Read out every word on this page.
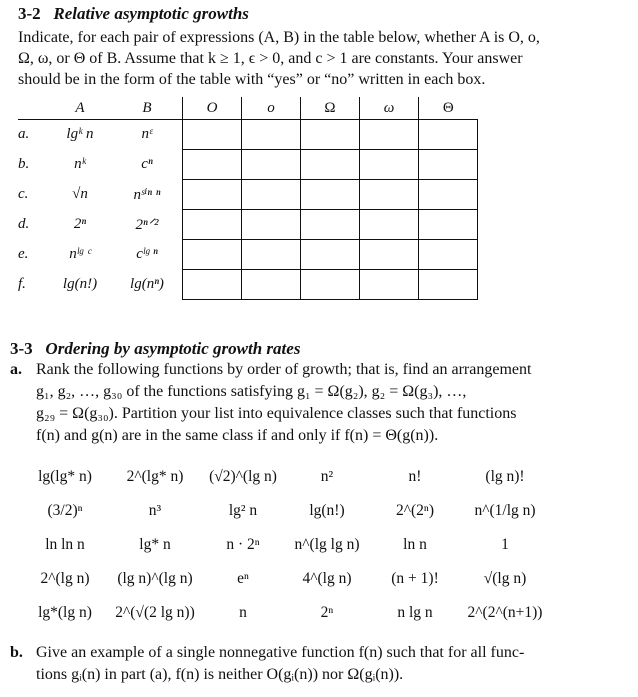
3-2 Relative asymptotic growths
Indicate, for each pair of expressions (A, B) in the table below, whether A is O, o,
Ω, ω, or Θ of B. Assume that k ≥ 1, ϵ > 0, and c > 1 are constants. Your answer
should be in the form of the table with “yes” or “no” written in each box.
	A	B	O	o	Ω	ω	Θ
a.	lgᵏ n	nᵋ					
b.	nᵏ	cⁿ					
c.	√n	nˢⁱⁿ ⁿ					
d.	2ⁿ	2ⁿᐟ²					
e.	nˡᵍ ᶜ	cˡᵍ ⁿ					
f.	lg(n!)	lg(nⁿ)					
3-3 Ordering by asymptotic growth rates
a. Rank the following functions by order of growth; that is, find an arrangement
g₁, g₂, …, g₃₀ of the functions satisfying g₁ = Ω(g₂), g₂ = Ω(g₃), …,
g₂₉ = Ω(g₃₀). Partition your list into equivalence classes such that functions
f(n) and g(n) are in the same class if and only if f(n) = Θ(g(n)).
lg(lg* n)	2^(lg* n)	(√2)^(lg n)	n²	n!	(lg n)!
(3/2)ⁿ	n³	lg² n	lg(n!)	2^(2ⁿ)	n^(1/lg n)
ln ln n	lg* n	n · 2ⁿ	n^(lg lg n)	ln n	1
2^(lg n)	(lg n)^(lg n)	eⁿ	4^(lg n)	(n + 1)!	√(lg n)
lg*(lg n)	2^(√(2 lg n))	n	2ⁿ	n lg n	2^(2^(n+1))
b. Give an example of a single nonnegative function f(n) such that for all func-
tions gᵢ(n) in part (a), f(n) is neither O(gᵢ(n)) nor Ω(gᵢ(n)).
